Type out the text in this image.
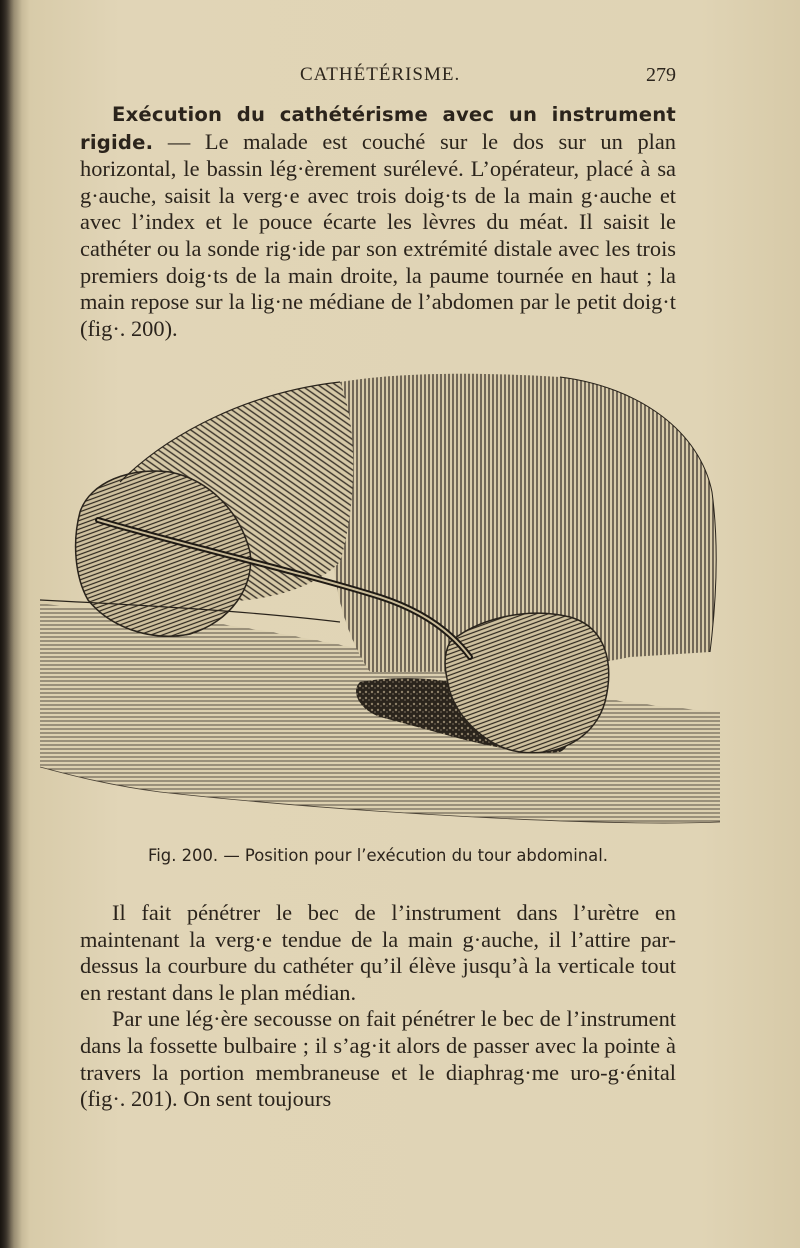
CATHÉTÉRISME.	279

Exécution du cathétérisme avec un instrument rigide. — Le malade est couché sur le dos sur un plan horizontal, le bassin lég·èrement surélevé. L’opérateur, placé à sa g·auche, saisit la verg·e avec trois doig·ts de la main g·auche et avec l’index et le pouce écarte les lèvres du méat. Il saisit le cathéter ou la sonde rig·ide par son extrémité distale avec les trois premiers doig·ts de la main droite, la paume tournée en haut ; la main repose sur la lig·ne médiane de l’abdomen par le petit doig·t (fig·. 200).

Fig. 200. — Position pour l’exécution du tour abdominal.

Il fait pénétrer le bec de l’instrument dans l’urètre en maintenant la verg·e tendue de la main g·auche, il l’attire par-dessus la courbure du cathéter qu’il élève jusqu’à la verticale tout en restant dans le plan médian.

Par une lég·ère secousse on fait pénétrer le bec de l’instrument dans la fossette bulbaire ; il s’ag·it alors de passer avec la pointe à travers la portion membraneuse et le diaphrag·me uro-g·énital (fig·. 201). On sent toujours
